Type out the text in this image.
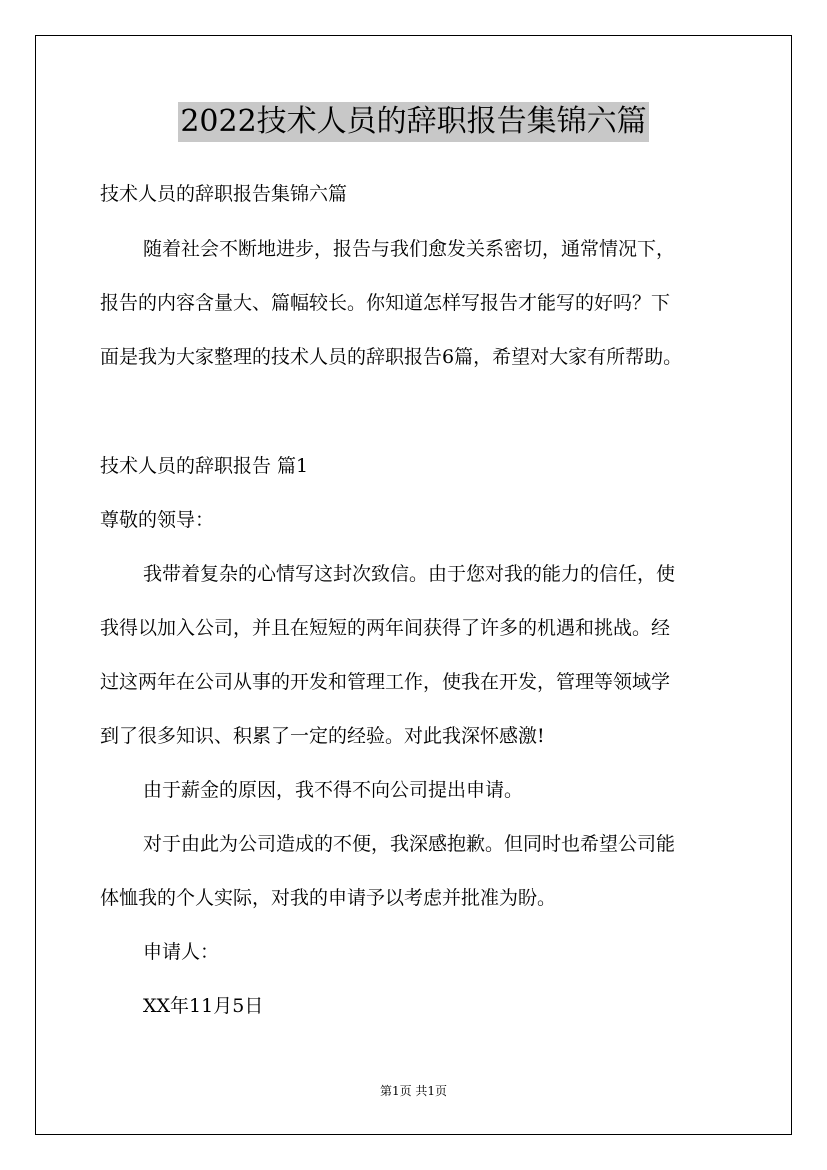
2022技术人员的辞职报告集锦六篇
技术人员的辞职报告集锦六篇
随着社会不断地进步，报告与我们愈发关系密切，通常情况下，
报告的内容含量大、篇幅较长。你知道怎样写报告才能写的好吗？下
面是我为大家整理的技术人员的辞职报告6篇，希望对大家有所帮助。
技术人员的辞职报告 篇1
尊敬的领导：
我带着复杂的心情写这封次致信。由于您对我的能力的信任，使
我得以加入公司，并且在短短的两年间获得了许多的机遇和挑战。经
过这两年在公司从事的开发和管理工作，使我在开发，管理等领域学
到了很多知识、积累了一定的经验。对此我深怀感激!
由于薪金的原因，我不得不向公司提出申请。
对于由此为公司造成的不便，我深感抱歉。但同时也希望公司能
体恤我的个人实际，对我的申请予以考虑并批准为盼。
申请人：
XX年11月5日
第1页 共1页
